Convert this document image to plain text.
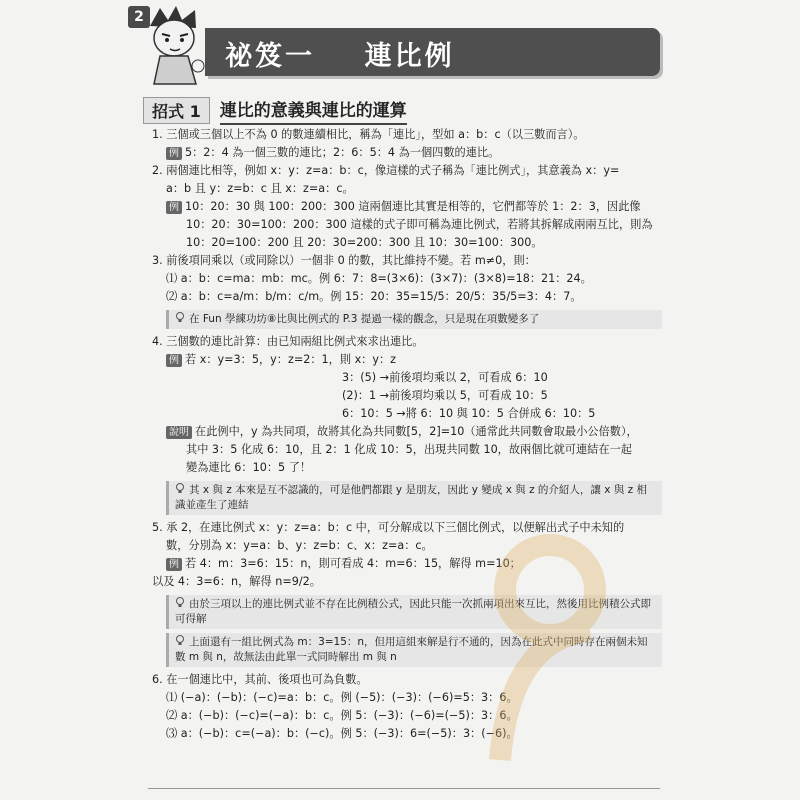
2
祕笈一    連比例
招式 1	連比的意義與連比的運算
1. 三個或三個以上不為 0 的數連續相比，稱為「連比」，型如 a：b：c（以三數而言）。
例 5：2：4 為一個三數的連比；2：6：5：4 為一個四數的連比。
2. 兩個連比相等，例如 x：y：z=a：b：c，像這樣的式子稱為「連比例式」，其意義為 x：y=
a：b 且 y：z=b：c 且 x：z=a：c。
例 10：20：30 與 100：200：300 這兩個連比其實是相等的，它們都等於 1：2：3，因此像
10：20：30=100：200：300 這樣的式子即可稱為連比例式，若將其拆解成兩兩互比，則為
10：20=100：200 且 20：30=200：300 且 10：30=100：300。
3. 前後項同乘以（或同除以）一個非 0 的數，其比維持不變。若 m≠0，則：
⑴ a：b：c=ma：mb：mc。例 6：7：8=(3×6)：(3×7)：(3×8)=18：21：24。
⑵ a：b：c=a/m：b/m：c/m。例 15：20：35=15/5：20/5：35/5=3：4：7。
在 Fun 學練功坊⑧比與比例式的 P.3 提過一樣的觀念，只是現在項數變多了
4. 三個數的連比計算：由已知兩組比例式來求出連比。
例 若 x：y=3：5，y：z=2：1，則 x：y：z
3：(5) →前後項均乘以 2，可看成 6：10
(2)：1 →前後項均乘以 5，可看成 10：5
6：10：5 →將 6：10 與 10：5 合併成 6：10：5
說明 在此例中，y 為共同項，故將其化為共同數[5，2]=10（通常此共同數會取最小公倍數），
其中 3：5 化成 6：10，且 2：1 化成 10：5，出現共同數 10，故兩個比就可連結在一起
變為連比 6：10：5 了！
其 x 與 z 本來是互不認識的，可是他們都跟 y 是朋友，因此 y 變成 x 與 z 的介紹人，讓 x 與 z 相識並產生了連結
5. 承 2，在連比例式 x：y：z=a：b：c 中，可分解成以下三個比例式，以便解出式子中未知的
數，分別為 x：y=a：b、y：z=b：c、x：z=a：c。
例 若 4：m：3=6：15：n，則可看成 4：m=6：15，解得 m=10；
以及 4：3=6：n，解得 n=9/2。
由於三項以上的連比例式並不存在比例積公式，因此只能一次抓兩項出來互比，然後用比例積公式即可得解
上面還有一組比例式為 m：3=15：n，但用這組來解是行不通的，因為在此式中同時存在兩個未知數 m 與 n，故無法由此單一式同時解出 m 與 n
6. 在一個連比中，其前、後項也可為負數。
⑴ (−a)：(−b)：(−c)=a：b：c。例 (−5)：(−3)：(−6)=5：3：6。
⑵ a：(−b)：(−c)=(−a)：b：c。例 5：(−3)：(−6)=(−5)：3：6。
⑶ a：(−b)：c=(−a)：b：(−c)。例 5：(−3)：6=(−5)：3：(−6)。
